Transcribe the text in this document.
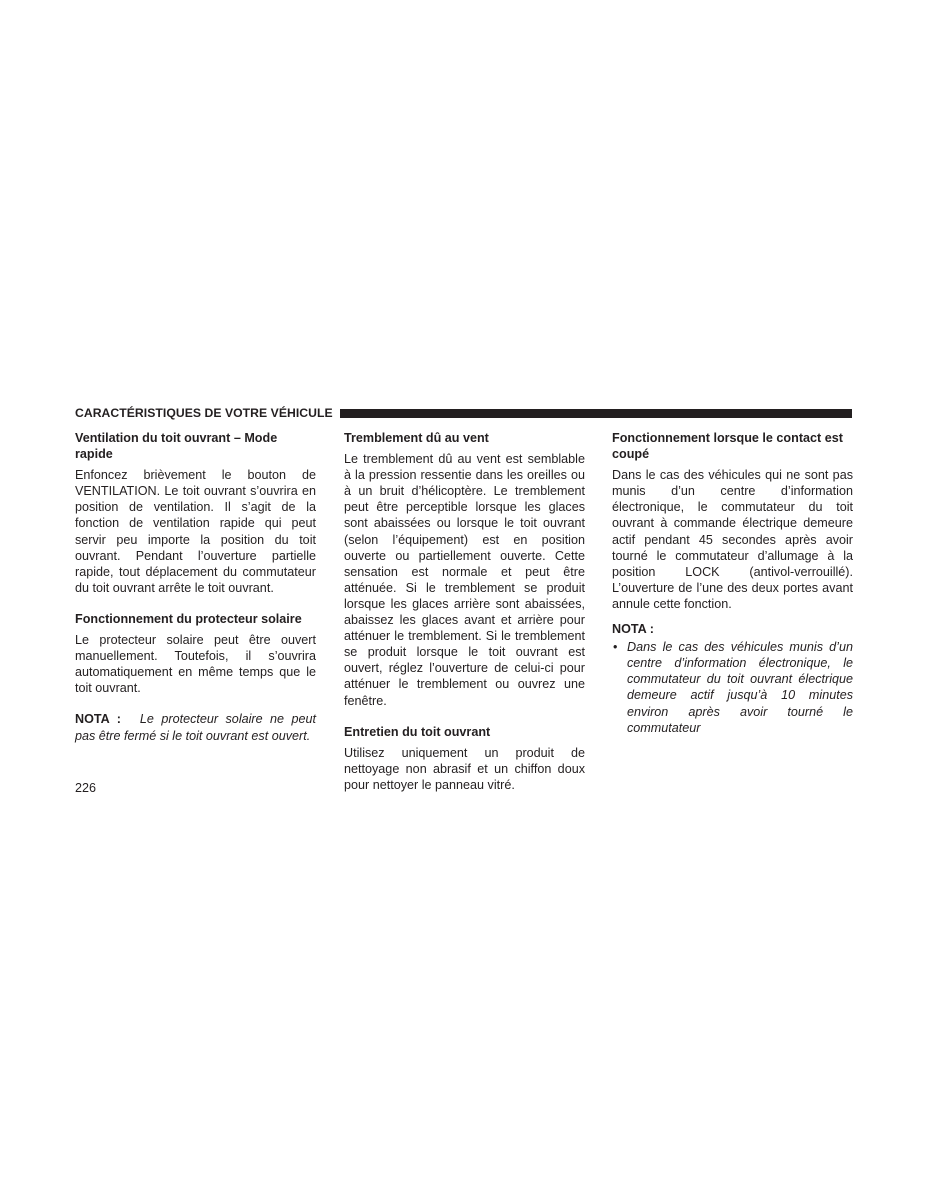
CARACTÉRISTIQUES DE VOTRE VÉHICULE
Ventilation du toit ouvrant – Mode rapide

Enfoncez brièvement le bouton de VENTILATION. Le toit ouvrant s’ouvrira en position de ventilation. Il s’agit de la fonction de ventilation rapide qui peut servir peu importe la position du toit ouvrant. Pendant l’ouverture partielle rapide, tout déplacement du commutateur du toit ouvrant arrête le toit ouvrant.

Fonctionnement du protecteur solaire

Le protecteur solaire peut être ouvert manuellement. Toutefois, il s’ouvrira automatiquement en même temps que le toit ouvrant.

NOTA : Le protecteur solaire ne peut pas être fermé si le toit ouvrant est ouvert.
Tremblement dû au vent

Le tremblement dû au vent est semblable à la pression ressentie dans les oreilles ou à un bruit d’hélicoptère. Le tremblement peut être perceptible lorsque les glaces sont abaissées ou lorsque le toit ouvrant (selon l’équipement) est en position ouverte ou partiellement ouverte. Cette sensation est normale et peut être atténuée. Si le tremblement se produit lorsque les glaces arrière sont abaissées, abaissez les glaces avant et arrière pour atténuer le tremblement. Si le tremblement se produit lorsque le toit ouvrant est ouvert, réglez l’ouverture de celui-ci pour atténuer le tremblement ou ouvrez une fenêtre.

Entretien du toit ouvrant

Utilisez uniquement un produit de nettoyage non abrasif et un chiffon doux pour nettoyer le panneau vitré.

Fonctionnement lorsque le contact est coupé

Dans le cas des véhicules qui ne sont pas munis d’un centre d’information électronique, le commutateur du toit ouvrant à commande électrique demeure actif pendant 45 secondes après avoir tourné le commutateur d’allumage à la position LOCK (antivol-verrouillé). L’ouverture de l’une des deux portes avant annule cette fonction.

NOTA :
• Dans le cas des véhicules munis d’un centre d’information électronique, le commutateur du toit ouvrant électrique demeure actif jusqu’à 10 minutes environ après avoir tourné le commutateur
226
